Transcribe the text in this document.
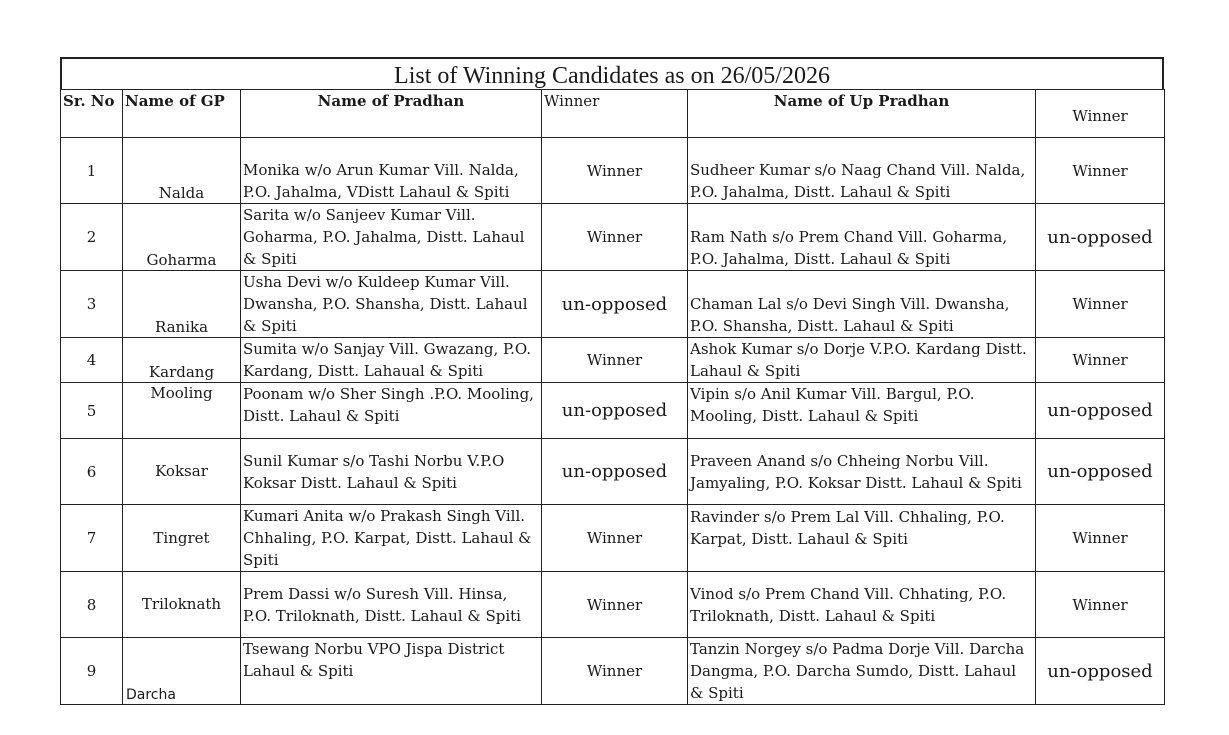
List of Winning Candidates as on 26/05/2026
Sr. No	Name of GP	Name of Pradhan	Winner	Name of Up Pradhan	Winner
1	Nalda	Monika w/o Arun Kumar Vill. Nalda, P.O. Jahalma, VDistt Lahaul & Spiti	Winner	Sudheer Kumar s/o Naag Chand Vill. Nalda, P.O. Jahalma, Distt. Lahaul & Spiti	Winner
2	Goharma	Sarita w/o Sanjeev Kumar Vill. Goharma, P.O. Jahalma, Distt. Lahaul & Spiti	Winner	Ram Nath s/o Prem Chand Vill. Goharma, P.O. Jahalma, Distt. Lahaul & Spiti	un-opposed
3	Ranika	Usha Devi w/o Kuldeep Kumar Vill. Dwansha, P.O. Shansha, Distt. Lahaul & Spiti	un-opposed	Chaman Lal s/o Devi Singh Vill. Dwansha, P.O. Shansha, Distt. Lahaul & Spiti	Winner
4	Kardang	Sumita w/o Sanjay Vill. Gwazang, P.O. Kardang, Distt. Lahaual & Spiti	Winner	Ashok Kumar s/o Dorje V.P.O. Kardang Distt. Lahaul & Spiti	Winner
5	Mooling	Poonam w/o Sher Singh .P.O. Mooling, Distt. Lahaul & Spiti	un-opposed	Vipin s/o Anil Kumar Vill. Bargul, P.O. Mooling, Distt. Lahaul & Spiti	un-opposed
6	Koksar	Sunil Kumar s/o Tashi Norbu V.P.O Koksar Distt. Lahaul & Spiti	un-opposed	Praveen Anand s/o Chheing Norbu Vill. Jamyaling, P.O. Koksar Distt. Lahaul & Spiti	un-opposed
7	Tingret	Kumari Anita w/o Prakash Singh Vill. Chhaling, P.O. Karpat, Distt. Lahaul & Spiti	Winner	Ravinder s/o Prem Lal Vill. Chhaling, P.O. Karpat, Distt. Lahaul & Spiti	Winner
8	Triloknath	Prem Dassi w/o Suresh Vill. Hinsa, P.O. Triloknath, Distt. Lahaul & Spiti	Winner	Vinod s/o Prem Chand Vill. Chhating, P.O. Triloknath, Distt. Lahaul & Spiti	Winner
9	Darcha	Tsewang Norbu VPO Jispa District Lahaul & Spiti	Winner	Tanzin Norgey s/o Padma Dorje Vill. Darcha Dangma, P.O. Darcha Sumdo, Distt. Lahaul & Spiti	un-opposed
